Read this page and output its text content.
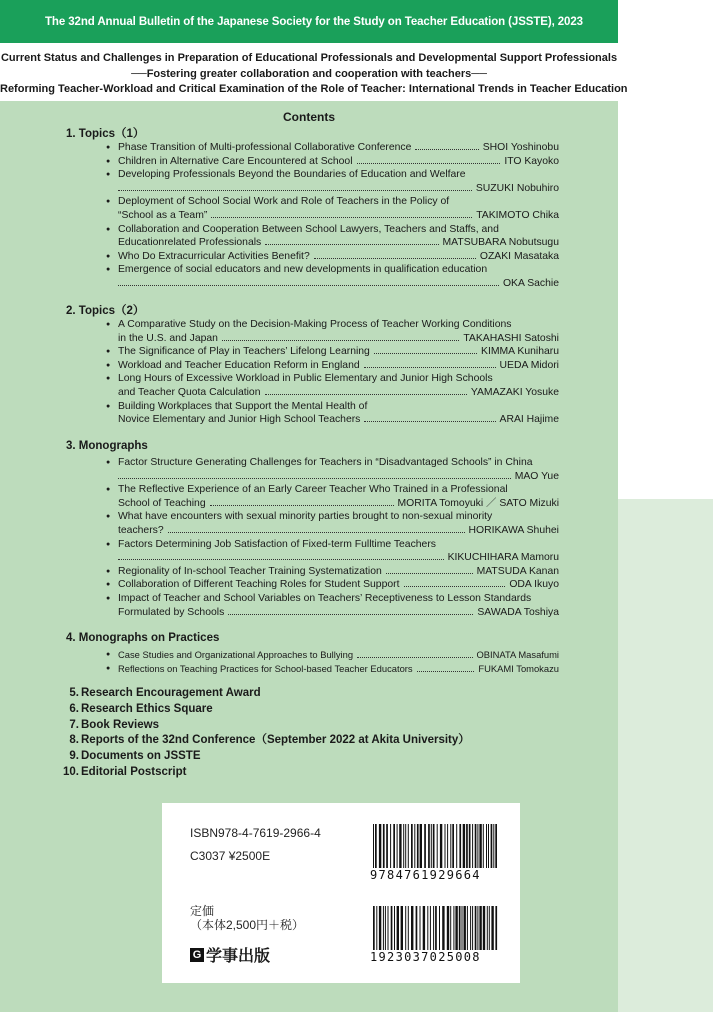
The 32nd Annual Bulletin of the Japanese Society for the Study on Teacher Education (JSSTE), 2023
Current Status and Challenges in Preparation of Educational Professionals and Developmental Support Professionals
──Fostering greater collaboration and cooperation with teachers──
Reforming Teacher-Workload and Critical Examination of the Role of Teacher: International Trends in Teacher Education
Contents
1. Topics（1）
● Phase Transition of Multi-professional Collaborative Conference	SHOI Yoshinobu
● Children in Alternative Care Encountered at School	ITO Kayoko
● Developing Professionals Beyond the Boundaries of Education and Welfare
SUZUKI Nobuhiro
● Deployment of School Social Work and Role of Teachers in the Policy of
“School as a Team”	TAKIMOTO Chika
● Collaboration and Cooperation Between School Lawyers, Teachers and Staffs, and
Educationrelated Professionals	MATSUBARA Nobutsugu
● Who Do Extracurricular Activities Benefit?	OZAKI Masataka
● Emergence of social educators and new developments in qualification education
OKA Sachie
2. Topics（2）
● A Comparative Study on the Decision-Making Process of Teacher Working Conditions
in the U.S. and Japan	TAKAHASHI Satoshi
● The Significance of Play in Teachers’ Lifelong Learning	KIMMA Kuniharu
● Workload and Teacher Education Reform in England	UEDA Midori
● Long Hours of Excessive Workload in Public Elementary and Junior High Schools
and Teacher Quota Calculation	YAMAZAKI Yosuke
● Building Workplaces that Support the Mental Health of
Novice Elementary and Junior High School Teachers	ARAI Hajime
3. Monographs
● Factor Structure Generating Challenges for Teachers in “Disadvantaged Schools” in China
MAO Yue
● The Reflective Experience of an Early Career Teacher Who Trained in a Professional
School of Teaching	MORITA Tomoyuki ／ SATO Mizuki
● What have encounters with sexual minority parties brought to non-sexual minority
teachers?	HORIKAWA Shuhei
● Factors Determining Job Satisfaction of Fixed-term Fulltime Teachers
KIKUCHIHARA Mamoru
● Regionality of In-school Teacher Training Systematization	MATSUDA Kanan
● Collaboration of Different Teaching Roles for Student Support	ODA Ikuyo
● Impact of Teacher and School Variables on Teachers’ Receptiveness to Lesson Standards
Formulated by Schools	SAWADA Toshiya
4. Monographs on Practices
● Case Studies and Organizational Approaches to Bullying	OBINATA Masafumi
● Reflections on Teaching Practices for School-based Teacher Educators	FUKAMI Tomokazu
5. Research Encouragement Award
6. Research Ethics Square
7. Book Reviews
8. Reports of the 32nd Conference（September 2022 at Akita University）
9. Documents on JSSTE
10. Editorial Postscript
ISBN978-4-7619-2966-4
C3037 ¥2500E
定価
（本体2,500円＋税）
G 学事出版
9784761929664
1923037025008
